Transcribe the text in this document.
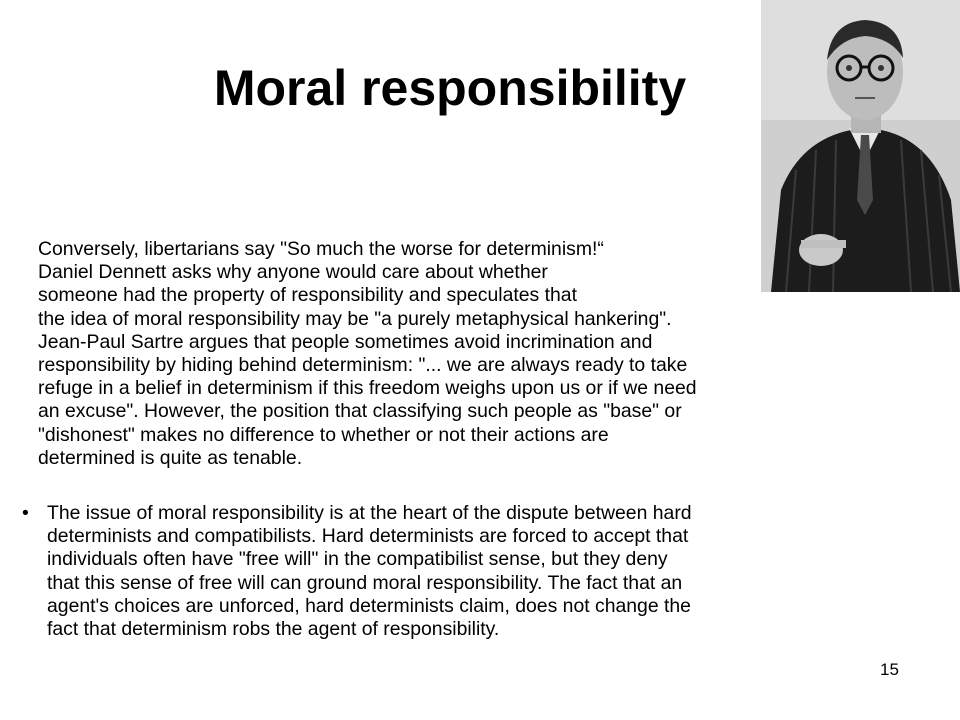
Moral responsibility
Conversely, libertarians say "So much the worse for determinism!“
Daniel Dennett asks why anyone would care about whether
someone had the property of responsibility and speculates that
the idea of moral responsibility may be "a purely metaphysical hankering".
Jean-Paul Sartre argues that people sometimes avoid incrimination and
responsibility by hiding behind determinism: "... we are always ready to take
refuge in a belief in determinism if this freedom weighs upon us or if we need
an excuse". However, the position that classifying such people as "base" or
"dishonest" makes no difference to whether or not their actions are
determined is quite as tenable.
• The issue of moral responsibility is at the heart of the dispute between hard
determinists and compatibilists. Hard determinists are forced to accept that
individuals often have "free will" in the compatibilist sense, but they deny
that this sense of free will can ground moral responsibility. The fact that an
agent's choices are unforced, hard determinists claim, does not change the
fact that determinism robs the agent of responsibility.
15
